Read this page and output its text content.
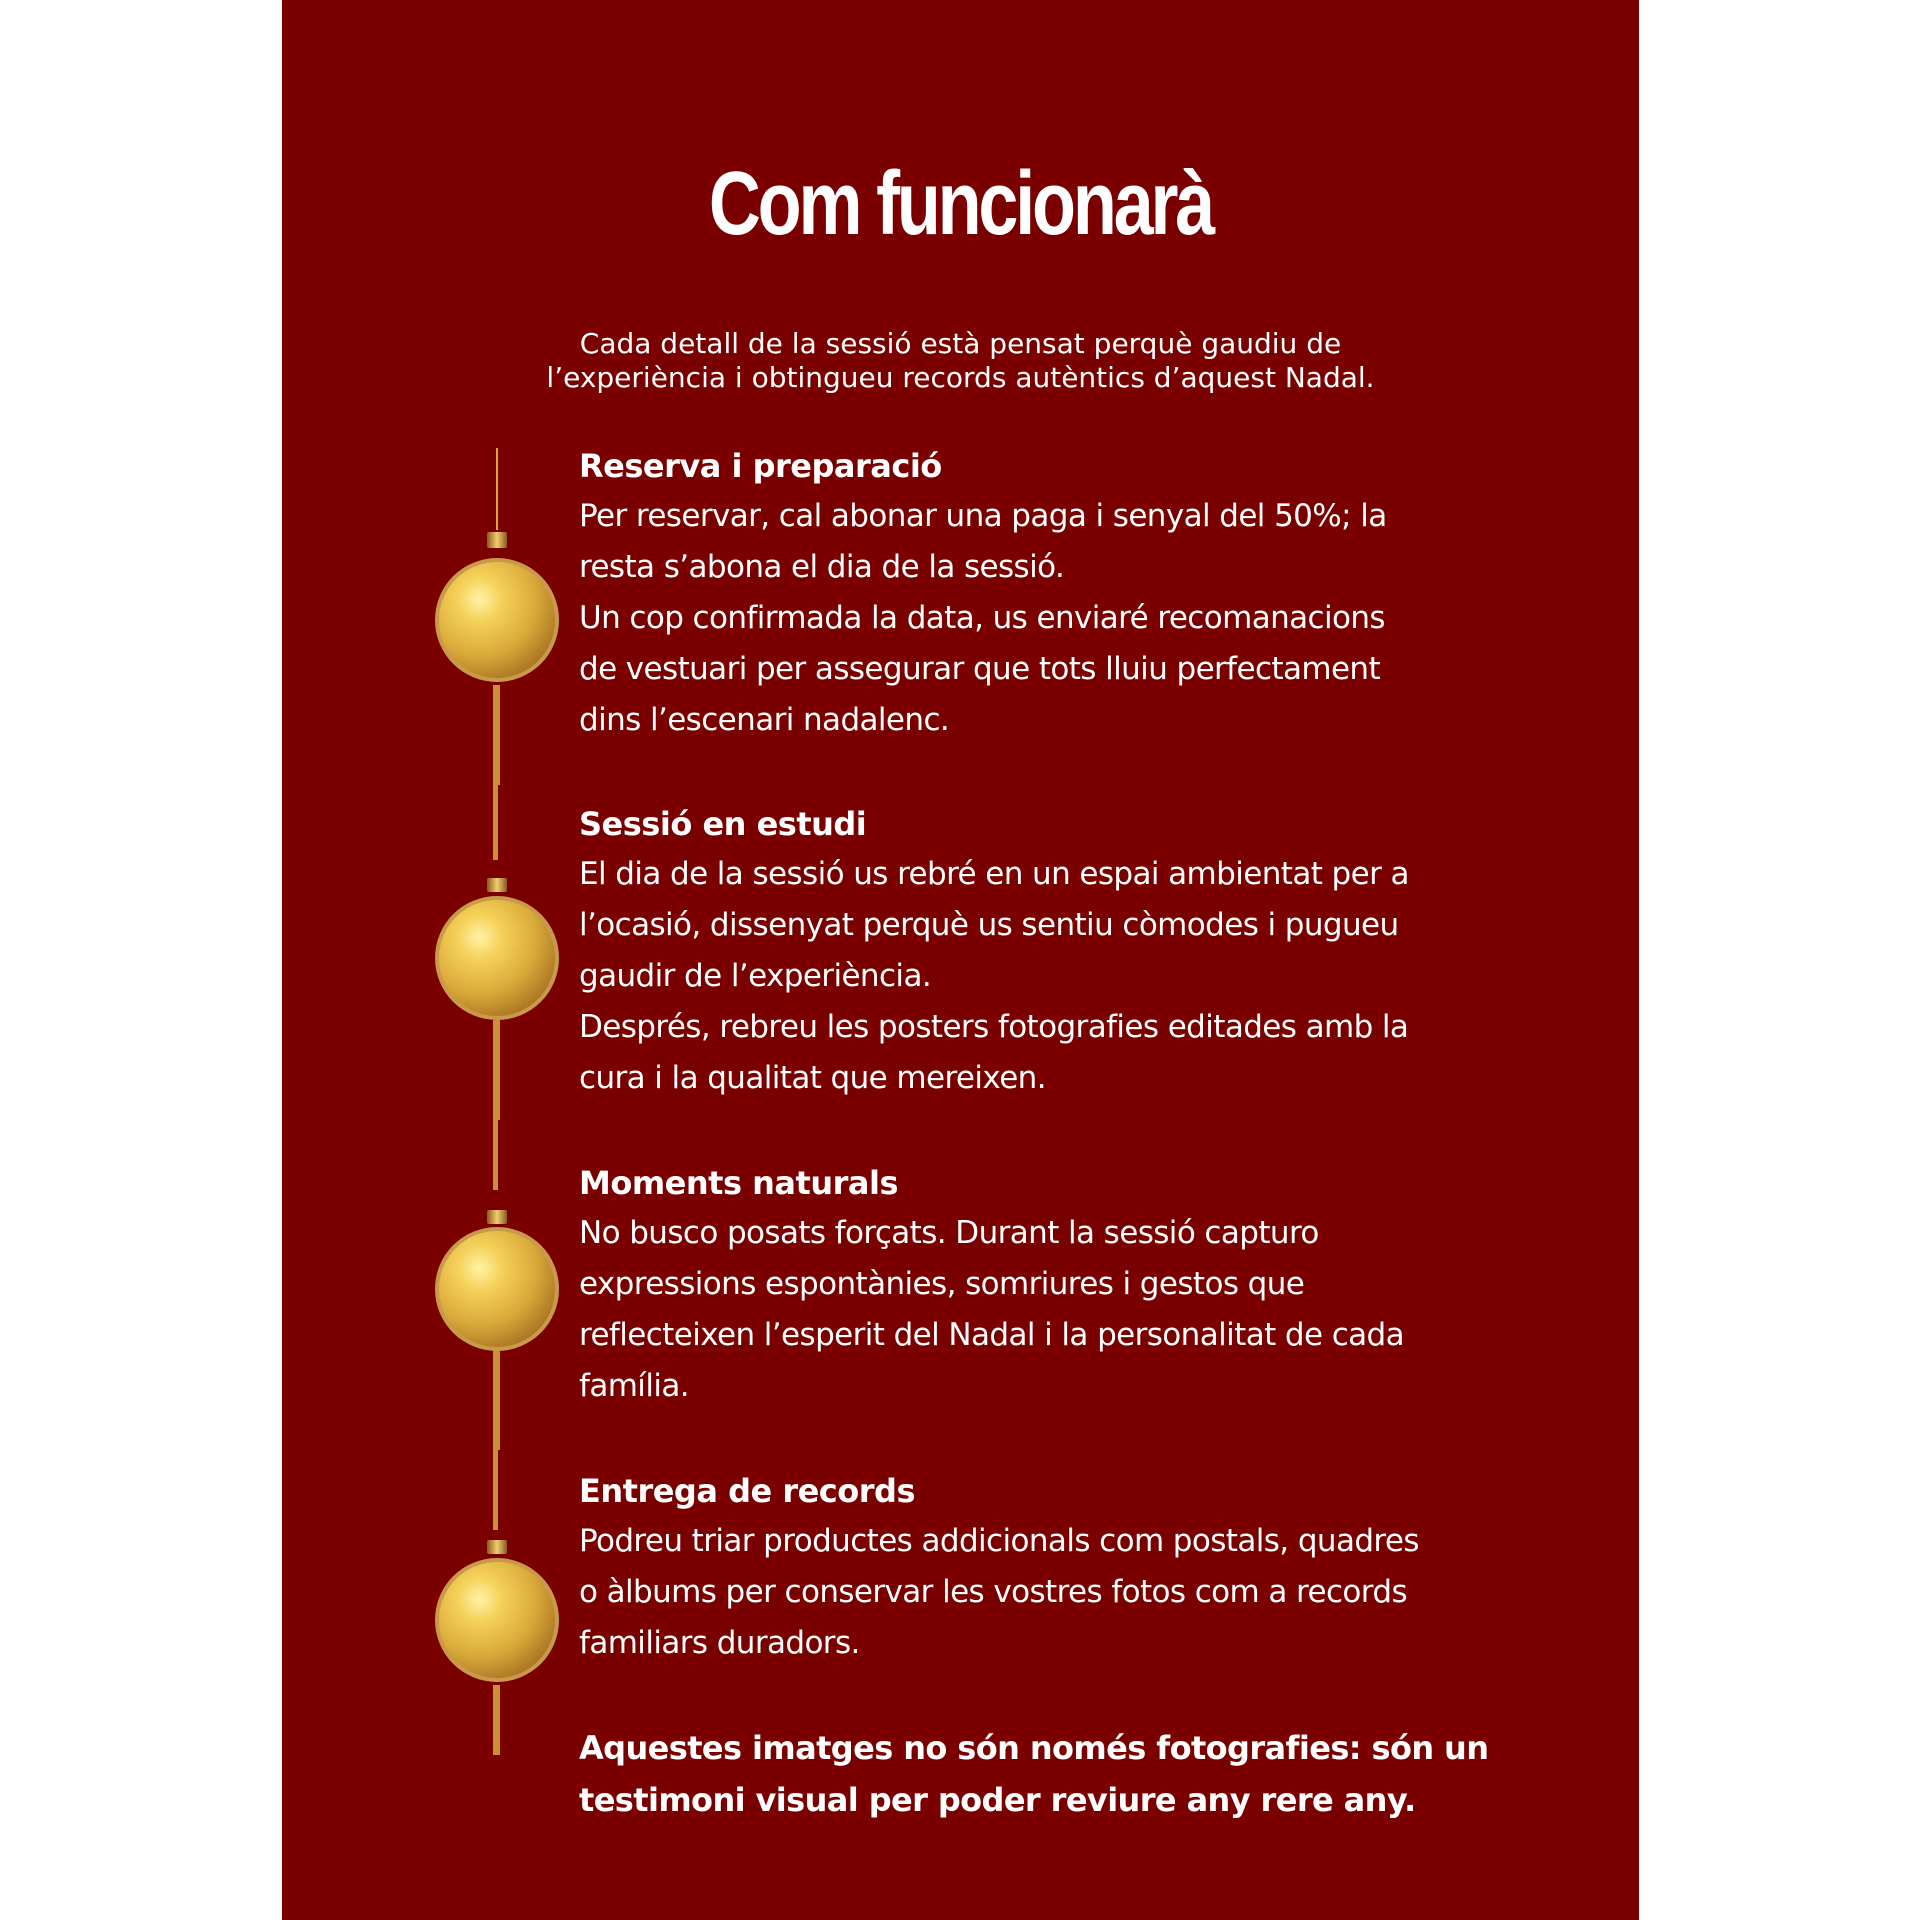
Com funcionarà
Cada detall de la sessió està pensat perquè gaudiu de
l’experiència i obtingueu records autèntics d’aquest Nadal.
Reserva i preparació

Per reservar, cal abonar una paga i senyal del 50%; la
resta s’abona el dia de la sessió.
Un cop confirmada la data, us enviaré recomanacions
de vestuari per assegurar que tots lluiu perfectament
dins l’escenari nadalenc.

Sessió en estudi

El dia de la sessió us rebré en un espai ambientat per a
l’ocasió, dissenyat perquè us sentiu còmodes i pugueu
gaudir de l’experiència.
Després, rebreu les posters fotografies editades amb la
cura i la qualitat que mereixen.

Moments naturals

No busco posats forçats. Durant la sessió capturo
expressions espontànies, somriures i gestos que
reflecteixen l’esperit del Nadal i la personalitat de cada
família.

Entrega de records

Podreu triar productes addicionals com postals, quadres
o àlbums per conservar les vostres fotos com a records
familiars duradors.

Aquestes imatges no són només fotografies: són un
testimoni visual per poder reviure any rere any.
